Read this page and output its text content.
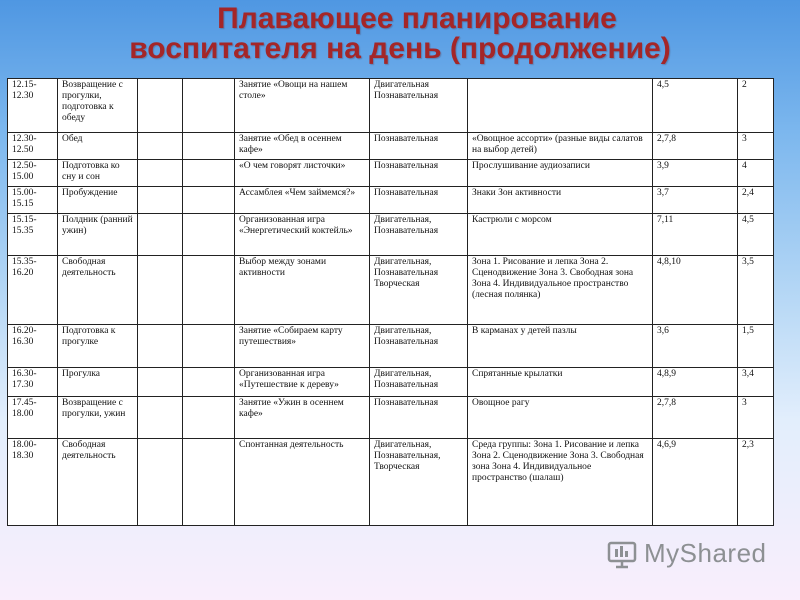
Плавающее планирование
воспитателя на день (продолжение)
12.15- 12.30	Возвращение с прогулки, подготовка к обеду			Занятие «Овощи на нашем столе»	Двигательная Познавательная		4,5	2
12.30- 12.50	Обед			Занятие «Обед в осеннем кафе»	Познавательная	«Овощное ассорти» (разные виды салатов на выбор детей)	2,7,8	3
12.50- 15.00	Подготовка ко сну и сон			«О чем говорят листочки»	Познавательная	Прослушивание аудиозаписи	3,9	4
15.00- 15.15	Пробуждение			Ассамблея «Чем займемся?»	Познавательная	Знаки Зон активности	3,7	2,4
15.15- 15.35	Полдник (ранний ужин)			Организованная игра «Энергетический коктейль»	Двигательная, Познавательная	Кастрюли с морсом	7,11	4,5
15.35- 16.20	Свободная деятельность			Выбор между зонами активности	Двигательная, Познавательная Творческая	Зона 1. Рисование и лепка Зона 2. Сценодвижение Зона 3. Свободная зона Зона 4. Индивидуальное пространство (лесная полянка)	4,8,10	3,5
16.20- 16.30	Подготовка к прогулке			Занятие «Собираем карту путешествия»	Двигательная, Познавательная	В карманах у детей пазлы	3,6	1,5
16.30- 17.30	Прогулка			Организованная игра «Путешествие к дереву»	Двигательная, Познавательная	Спрятанные крылатки	4,8,9	3,4
17.45- 18.00	Возвращение с прогулки, ужин			Занятие «Ужин в осеннем кафе»	Познавательная	Овощное рагу	2,7,8	3
18.00- 18.30	Свободная деятельность			Спонтанная деятельность	Двигательная, Познавательная, Творческая	Среда группы: Зона 1. Рисование и лепка Зона 2. Сценодвижение Зона 3. Свободная зона Зона 4. Индивидуальное пространство (шалаш)	4,6,9	2,3
MyShared
